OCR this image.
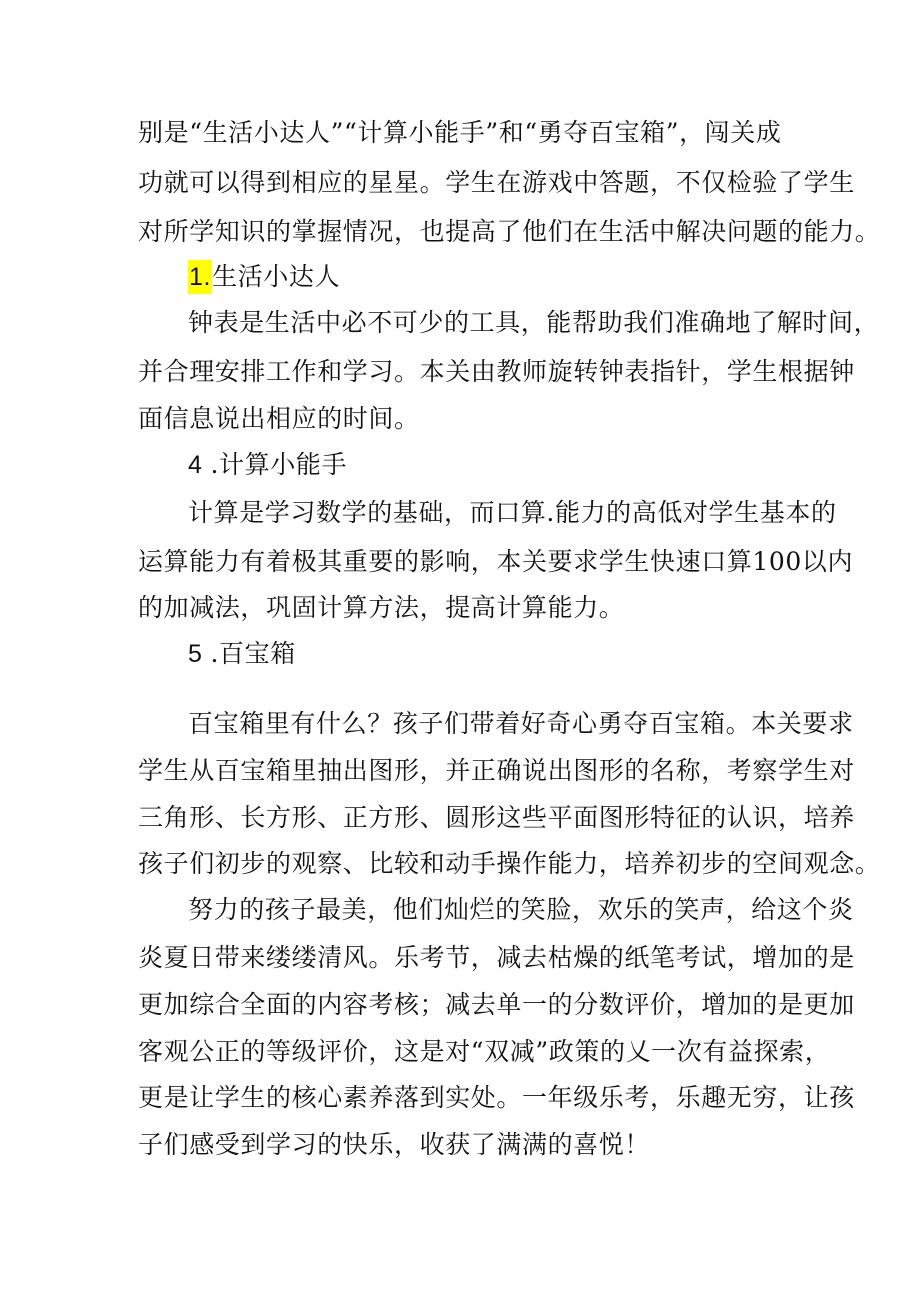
别是“生活小达人”“计算小能手”和“勇夺百宝箱”，闯关成
功就可以得到相应的星星。学生在游戏中答题，不仅检验了学生
对所学知识的掌握情况，也提高了他们在生活中解决问题的能力。
1.生活小达人
钟表是生活中必不可少的工具，能帮助我们准确地了解时间，
并合理安排工作和学习。本关由教师旋转钟表指针，学生根据钟
面信息说出相应的时间。
4 .计算小能手
计算是学习数学的基础，而口算.能力的高低对学生基本的
运算能力有着极其重要的影响，本关要求学生快速口算100以内
的加减法，巩固计算方法，提高计算能力。
5 .百宝箱
百宝箱里有什么？孩子们带着好奇心勇夺百宝箱。本关要求
学生从百宝箱里抽出图形，并正确说出图形的名称，考察学生对
三角形、长方形、正方形、圆形这些平面图形特征的认识，培养
孩子们初步的观察、比较和动手操作能力，培养初步的空间观念。
努力的孩子最美，他们灿烂的笑脸，欢乐的笑声，给这个炎
炎夏日带来缕缕清风。乐考节，减去枯燥的纸笔考试，增加的是
更加综合全面的内容考核；减去单一的分数评价，增加的是更加
客观公正的等级评价，这是对“双减”政策的乂一次有益探索，
更是让学生的核心素养落到实处。一年级乐考，乐趣无穷，让孩
子们感受到学习的快乐，收获了满满的喜悦！
